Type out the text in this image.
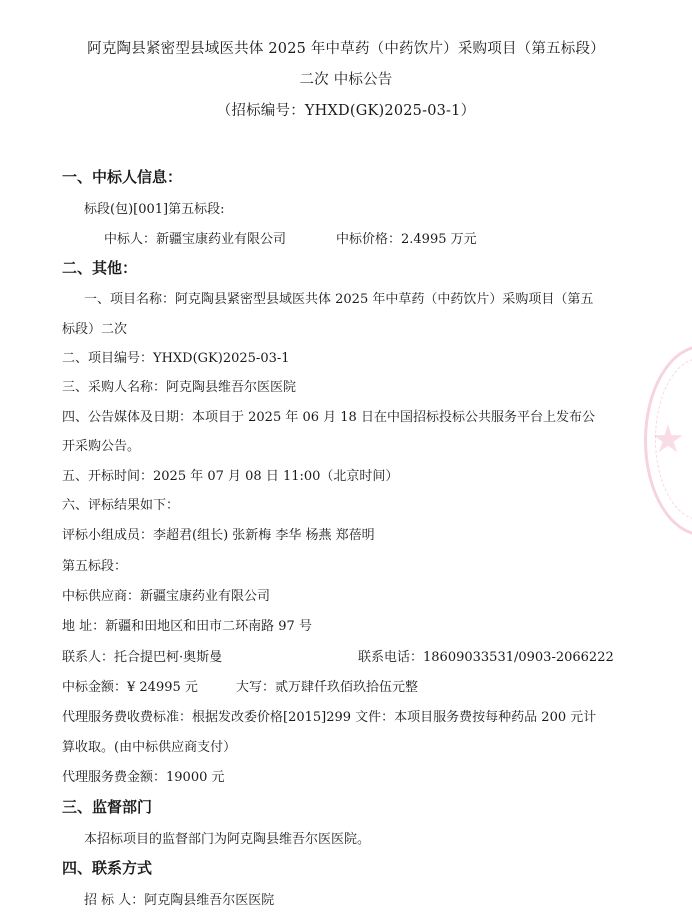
阿克陶县紧密型县域医共体 2025 年中草药（中药饮片）采购项目（第五标段）
二次 中标公告
（招标编号：YHXD(GK)2025-03-1）
一、中标人信息：
标段(包)[001]第五标段:
中标人：新疆宝康药业有限公司	中标价格：2.4995 万元
二、其他：
一、项目名称：阿克陶县紧密型县域医共体 2025 年中草药（中药饮片）采购项目（第五
标段）二次
二、项目编号：YHXD(GK)2025-03-1
三、采购人名称：阿克陶县维吾尔医医院
四、公告媒体及日期：本项目于 2025 年 06 月 18 日在中国招标投标公共服务平台上发布公
开采购公告。
五、开标时间：2025 年 07 月 08 日 11:00（北京时间）
六、评标结果如下：
评标小组成员：李超君(组长) 张新梅 李华 杨燕 郑蓓明
第五标段：
中标供应商：新疆宝康药业有限公司
地 址：新疆和田地区和田市二环南路 97 号
联系人：托合提巴柯·奥斯曼	联系电话：18609033531/0903-2066222
中标金额：¥ 24995 元	大写：贰万肆仟玖佰玖拾伍元整
代理服务费收费标准：根据发改委价格[2015]299 文件：本项目服务费按每种药品 200 元计
算收取。(由中标供应商支付）
代理服务费金额：19000 元
三、监督部门
本招标项目的监督部门为阿克陶县维吾尔医医院。
四、联系方式
招 标 人：阿克陶县维吾尔医医院
★
